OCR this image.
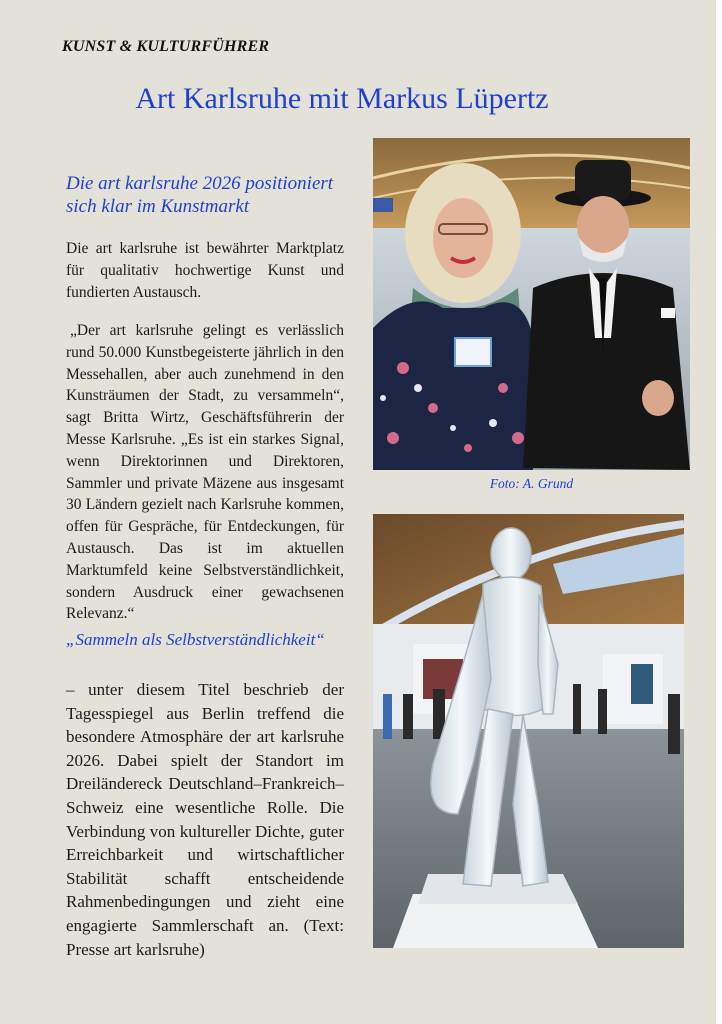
KUNST & KULTURFÜHRER
Art Karlsruhe mit Markus Lüpertz
Die art karlsruhe 2026 positioniert sich klar im Kunstmarkt
Die art karlsruhe ist bewährter Marktplatz für qualitativ hochwertige Kunst und fundierten Austausch.
„Der art karlsruhe gelingt es verlässlich rund 50.000 Kunstbegeisterte jährlich in den Messehallen, aber auch zunehmend in den Kunsträumen der Stadt, zu versammeln“, sagt Britta Wirtz, Geschäftsführerin der Messe Karlsruhe. „Es ist ein starkes Signal, wenn Direktorinnen und Direktoren, Sammler und private Mäzene aus insgesamt 30 Ländern gezielt nach Karlsruhe kommen, offen für Gespräche, für Entdeckungen, für Austausch. Das ist im aktuellen Marktumfeld keine Selbstverständlichkeit, sondern Ausdruck einer gewachsenen Relevanz.“
„Sammeln als Selbstverständlichkeit“
– unter diesem Titel beschrieb der Tagesspiegel aus Berlin treffend die besondere Atmosphäre der art karlsruhe 2026. Dabei spielt der Standort im Dreiländereck Deutschland–Frankreich–Schweiz eine wesentliche Rolle. Die Verbindung von kultureller Dichte, guter Erreichbarkeit und wirtschaftlicher Stabilität schafft entscheidende Rahmenbedingungen und zieht eine engagierte Sammlerschaft an. (Text: Presse art karlsruhe)
Foto: A. Grund
